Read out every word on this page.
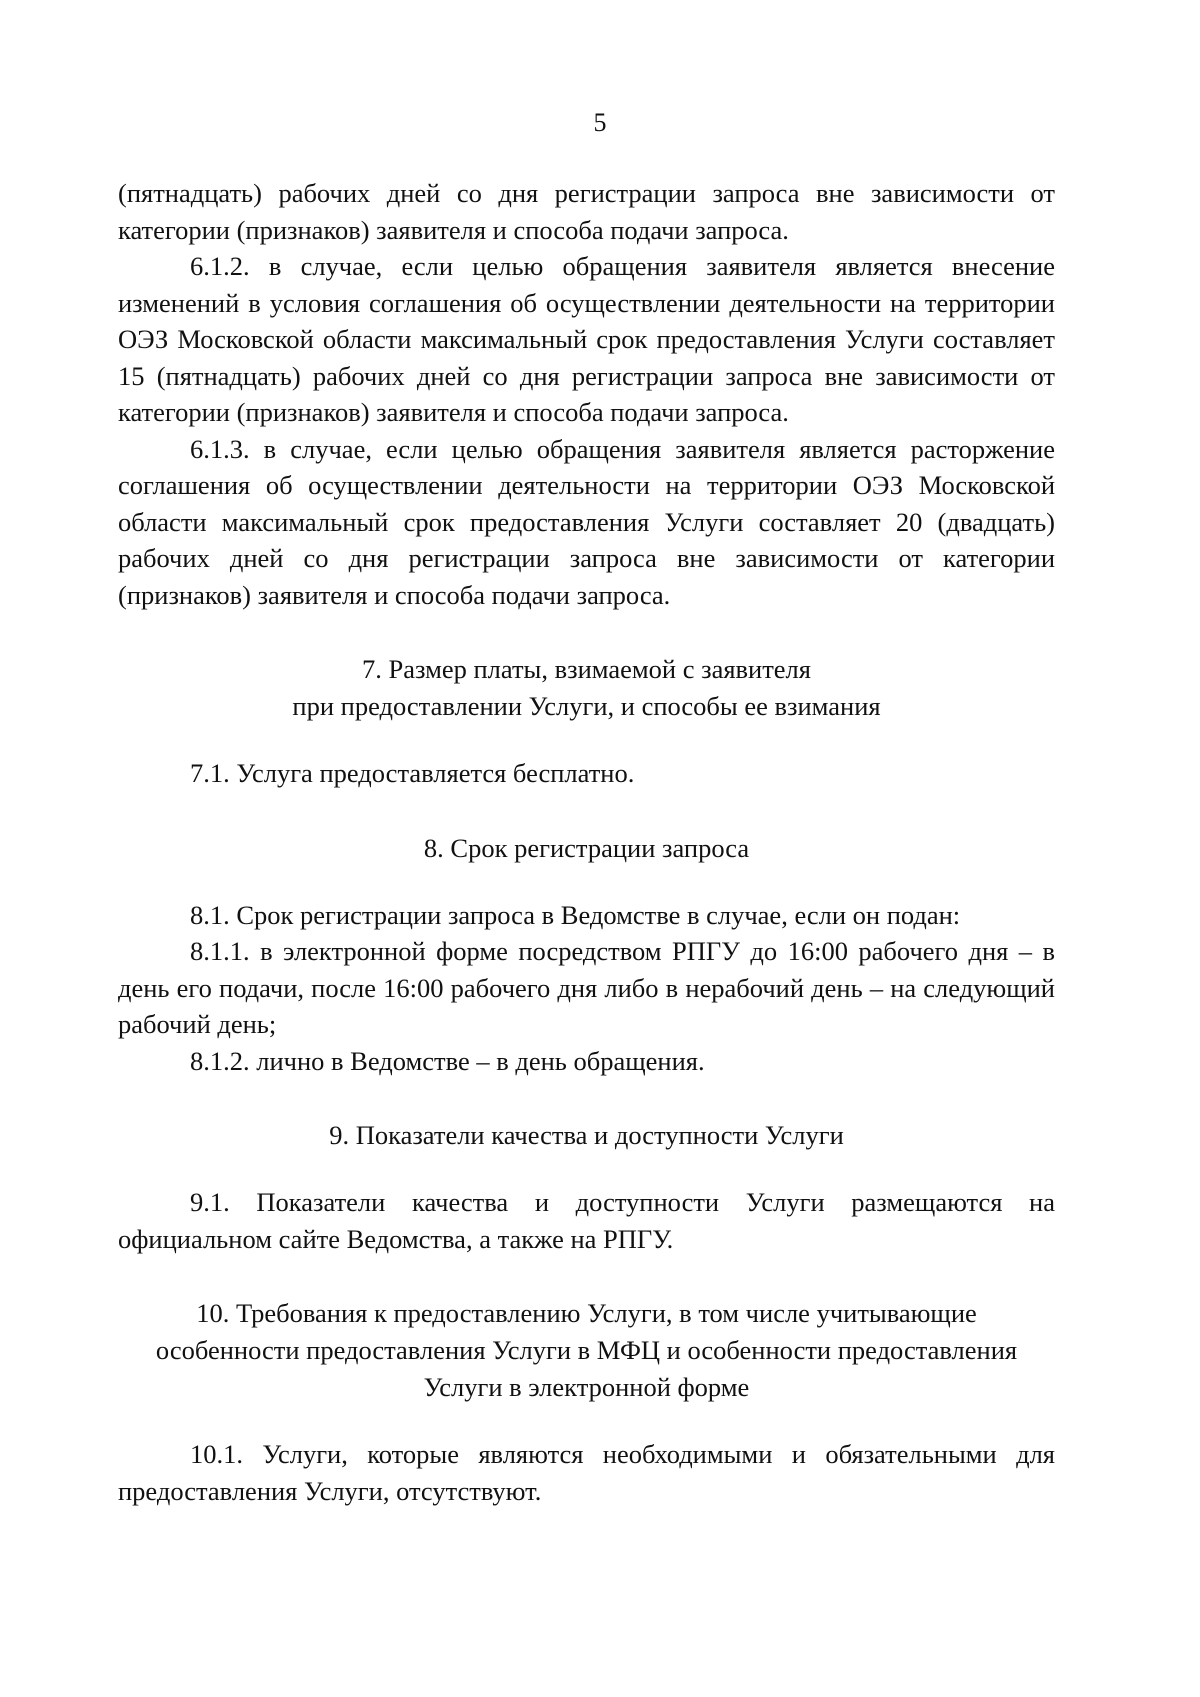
5

(пятнадцать) рабочих дней со дня регистрации запроса вне зависимости от категории (признаков) заявителя и способа подачи запроса.

6.1.2. в случае, если целью обращения заявителя является внесение изменений в условия соглашения об осуществлении деятельности на территории ОЭЗ Московской области максимальный срок предоставления Услуги составляет 15 (пятнадцать) рабочих дней со дня регистрации запроса вне зависимости от категории (признаков) заявителя и способа подачи запроса.

6.1.3. в случае, если целью обращения заявителя является расторжение соглашения об осуществлении деятельности на территории ОЭЗ Московской области максимальный срок предоставления Услуги составляет 20 (двадцать) рабочих дней со дня регистрации запроса вне зависимости от категории (признаков) заявителя и способа подачи запроса.

7. Размер платы, взимаемой с заявителя
при предоставлении Услуги, и способы ее взимания

7.1. Услуга предоставляется бесплатно.

8. Срок регистрации запроса

8.1. Срок регистрации запроса в Ведомстве в случае, если он подан:

8.1.1. в электронной форме посредством РПГУ до 16:00 рабочего дня – в день его подачи, после 16:00 рабочего дня либо в нерабочий день – на следующий рабочий день;

8.1.2. лично в Ведомстве – в день обращения.

9. Показатели качества и доступности Услуги

9.1. Показатели качества и доступности Услуги размещаются на официальном сайте Ведомства, а также на РПГУ.

10. Требования к предоставлению Услуги, в том числе учитывающие
особенности предоставления Услуги в МФЦ и особенности предоставления
Услуги в электронной форме

10.1. Услуги, которые являются необходимыми и обязательными для предоставления Услуги, отсутствуют.
